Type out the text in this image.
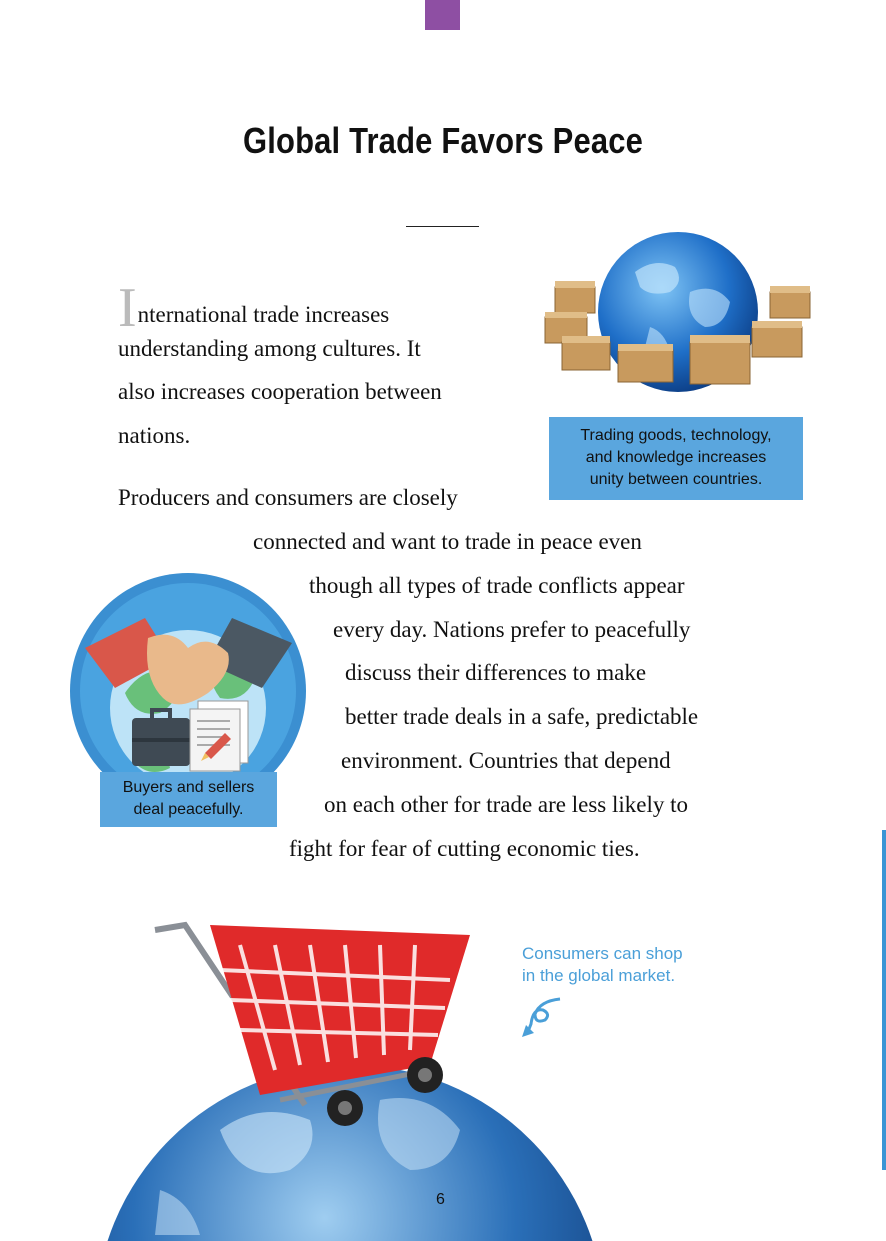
Global Trade Favors Peace
International trade increases
understanding among cultures. It
also increases cooperation between
nations.
Producers and consumers are closely
connected and want to trade in peace even
though all types of trade conflicts appear
every day. Nations prefer to peacefully
discuss their differences to make
better trade deals in a safe, predictable
environment. Countries that depend
on each other for trade are less likely to
fight for fear of cutting economic ties.
Trading goods, technology,
and knowledge increases
unity between countries.
Buyers and sellers
deal peacefully.
Consumers can shop
in the global market.
6
